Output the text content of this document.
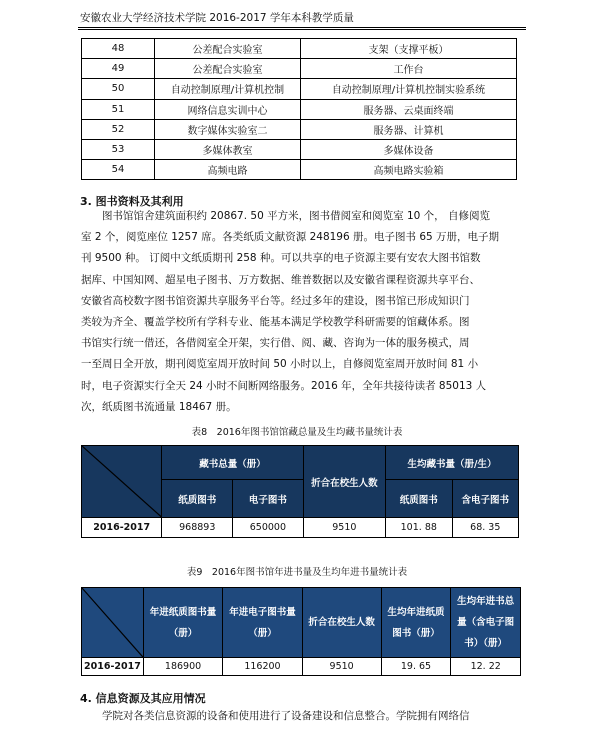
安徽农业大学经济技术学院 2016-2017 学年本科教学质量
48	公差配合实验室	支架（支撑平板）
49	公差配合实验室	工作台
50	自动控制原理/计算机控制	自动控制原理/计算机控制实验系统
51	网络信息实训中心	服务器、云桌面终端
52	数字媒体实验室二	服务器、计算机
53	多媒体教室	多媒体设备
54	高频电路	高频电路实验箱
3. 图书资料及其利用
图书馆馆舍建筑面积约 20867. 50 平方米，图书借阅室和阅览室 10 个， 自修阅览
室 2 个，阅览座位 1257 席。各类纸质文献资源 248196 册。电子图书 65 万册，电子期
刊 9500 种。 订阅中文纸质期刊 258 种。可以共享的电子资源主要有安农大图书馆数
据库、中国知网、超星电子图书、万方数据、维普数据以及安徽省课程资源共享平台、
安徽省高校数字图书馆资源共享服务平台等。经过多年的建设，图书馆已形成知识门
类较为齐全、覆盖学校所有学科专业、能基本满足学校教学科研需要的馆藏体系。图
书馆实行统一借还，各借阅室全开架，实行借、阅、藏、咨询为一体的服务模式，周
一至周日全开放，期刊阅览室周开放时间 50 小时以上，自修阅览室周开放时间 81 小
时，电子资源实行全天 24 小时不间断网络服务。2016 年，全年共接待读者 85013 人
次，纸质图书流通量 18467 册。
表8　2016年图书馆馆藏总量及生均藏书量统计表
	藏书总量（册）		折合在校生人数	生均藏书量（册/生）	
	纸质图书	电子图书		纸质图书	含电子图书
2016-2017	968893	650000	9510	101. 88	68. 35
表9　2016年图书馆年进书量及生均年进书量统计表
	年进纸质图书量（册）	年进电子图书量（册）	折合在校生人数	生均年进纸质图书（册）	生均年进书总量（含电子图书）（册）
2016-2017	186900	116200	9510	19. 65	12. 22
4. 信息资源及其应用情况
学院对各类信息资源的设备和使用进行了设备建设和信息整合。学院拥有网络信
